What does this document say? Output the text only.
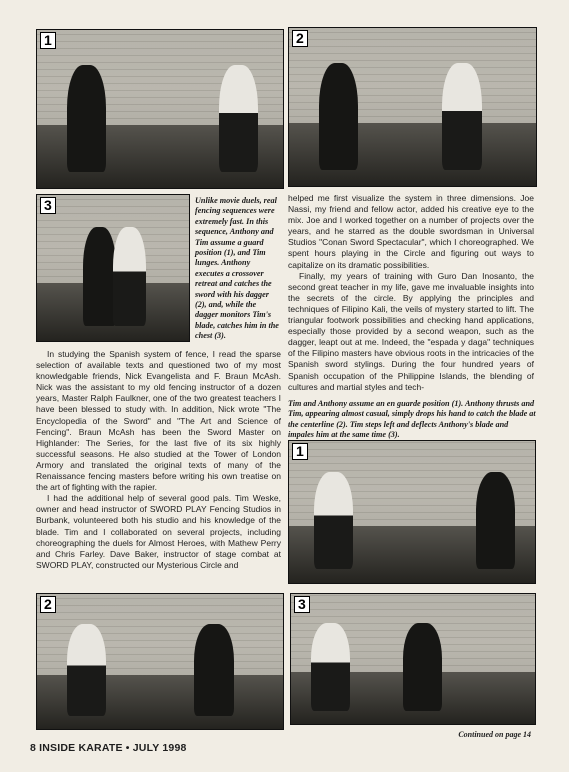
1	2
3	Unlike movie duels, real fencing sequences were extremely fast. In this sequence, Anthony and Tim assume a guard position (1), and Tim lunges. Anthony executes a crossover retreat and catches the sword with his dagger (2), and, while the dagger monitors Tim's blade, catches him in the chest (3).

helped me first visualize the system in three dimensions. Joe Nassi, my friend and fellow actor, added his creative eye to the mix. Joe and I worked together on a number of projects over the years, and he starred as the double swordsman in Universal Studios "Conan Sword Spectacular", which I choreographed. We spent hours playing in the Circle and figuring out ways to capitalize on its dramatic possibilities.

Finally, my years of training with Guro Dan Inosanto, the second great teacher in my life, gave me invaluable insights into the secrets of the circle. By applying the principles and techniques of Filipino Kali, the veils of mystery started to lift. The triangular footwork possibilities and checking hand applications, especially those provided by a second weapon, such as the dagger, leapt out at me. Indeed, the "espada y daga" techniques of the Filipino masters have obvious roots in the intricacies of the Spanish sword stylings. During the four hundred years of Spanish occupation of the Philippine Islands, the blending of cultures and martial styles and tech-

Tim and Anthony assume an en guarde position (1). Anthony thrusts and Tim, appearing almost casual, simply drops his hand to catch the blade at the centerline (2). Tim steps left and deflects Anthony's blade and impales him at the same time (3).

In studying the Spanish system of fence, I read the sparse selection of available texts and questioned two of my most knowledgable friends, Nick Evangelista and F. Braun McAsh. Nick was the assistant to my old fencing instructor of a dozen years, Master Ralph Faulkner, one of the two greatest teachers I have been blessed to study with. In addition, Nick wrote "The Encyclopedia of the Sword" and "The Art and Science of Fencing". Braun McAsh has been the Sword Master on Highlander: The Series, for the last five of its six highly successful seasons. He also studied at the Tower of London Armory and translated the original texts of many of the Renaissance fencing masters before writing his own treatise on the art of fighting with the rapier.

I had the additional help of several good pals. Tim Weske, owner and head instructor of SWORD PLAY Fencing Studios in Burbank, volunteered both his studio and his knowledge of the blade. Tim and I collaborated on several projects, including choreographing the duels for Almost Heroes, with Mathew Perry and Chris Farley. Dave Baker, instructor of stage combat at SWORD PLAY, constructed our Mysterious Circle and

1
2	3
8 INSIDE KARATE • JULY 1998
Continued on page 14
